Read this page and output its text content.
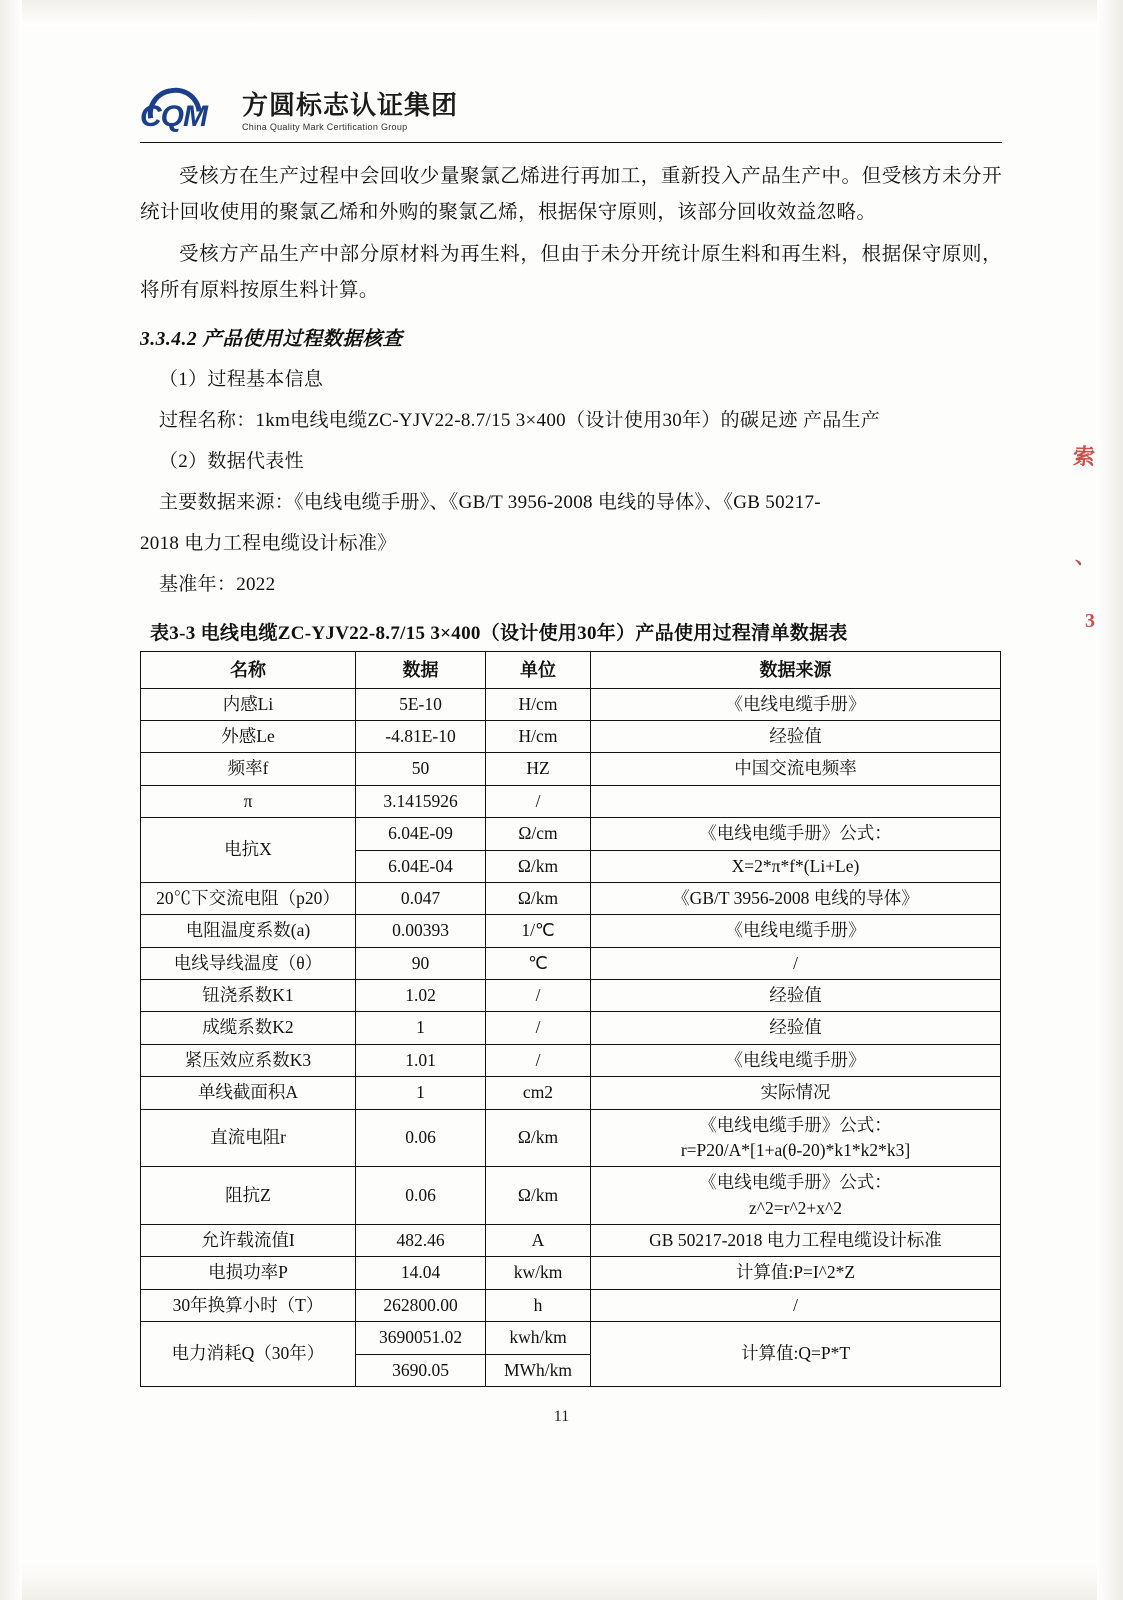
CQM 方圆标志认证集团
China Quality Mark Certification Group

受核方在生产过程中会回收少量聚氯乙烯进行再加工，重新投入产品生产中。但受核方未分开统计回收使用的聚氯乙烯和外购的聚氯乙烯，根据保守原则，该部分回收效益忽略。

受核方产品生产中部分原材料为再生料，但由于未分开统计原生料和再生料，根据保守原则，将所有原料按原生料计算。

3.3.4.2 产品使用过程数据核查

（1）过程基本信息

过程名称：1km电线电缆ZC-YJV22-8.7/15 3×400（设计使用30年）的碳足迹 产品生产

（2）数据代表性

主要数据来源：《电线电缆手册》、《GB/T 3956-2008 电线的导体》、《GB 50217-

2018 电力工程电缆设计标准》

基准年：2022

表3-3 电线电缆ZC-YJV22-8.7/15 3×400（设计使用30年）产品使用过程清单数据表
名称	数据	单位	数据来源
内感Li	5E-10	H/cm	《电线电缆手册》
外感Le	-4.81E-10	H/cm	经验值
频率f	50	HZ	中国交流电频率
π	3.1415926	/	
电抗X	6.04E-09	Ω/cm	《电线电缆手册》公式：
	6.04E-04	Ω/km	X=2*π*f*(Li+Le)
20℃下交流电阻（p20）	0.047	Ω/km	《GB/T 3956-2008 电线的导体》
电阻温度系数(a)	0.00393	1/℃	《电线电缆手册》
电线导线温度（θ）	90	℃	/
钮浇系数K1	1.02	/	经验值
成缆系数K2	1	/	经验值
紧压效应系数K3	1.01	/	《电线电缆手册》
单线截面积A	1	cm2	实际情况
直流电阻r	0.06	Ω/km	《电线电缆手册》公式：
r=P20/A*[1+a(θ-20)*k1*k2*k3]

阻抗Z	0.06	Ω/km	《电线电缆手册》公式：
z^2=r^2+x^2

允许载流值I	482.46	A	GB 50217-2018 电力工程电缆设计标准
电损功率P	14.04	kw/km	计算值:P=I^2*Z
30年换算小时（T）	262800.00	h	/
电力消耗Q（30年）	3690051.02	kwh/km	计算值:Q=P*T
	3690.05	MWh/km	
索
、
3
11
